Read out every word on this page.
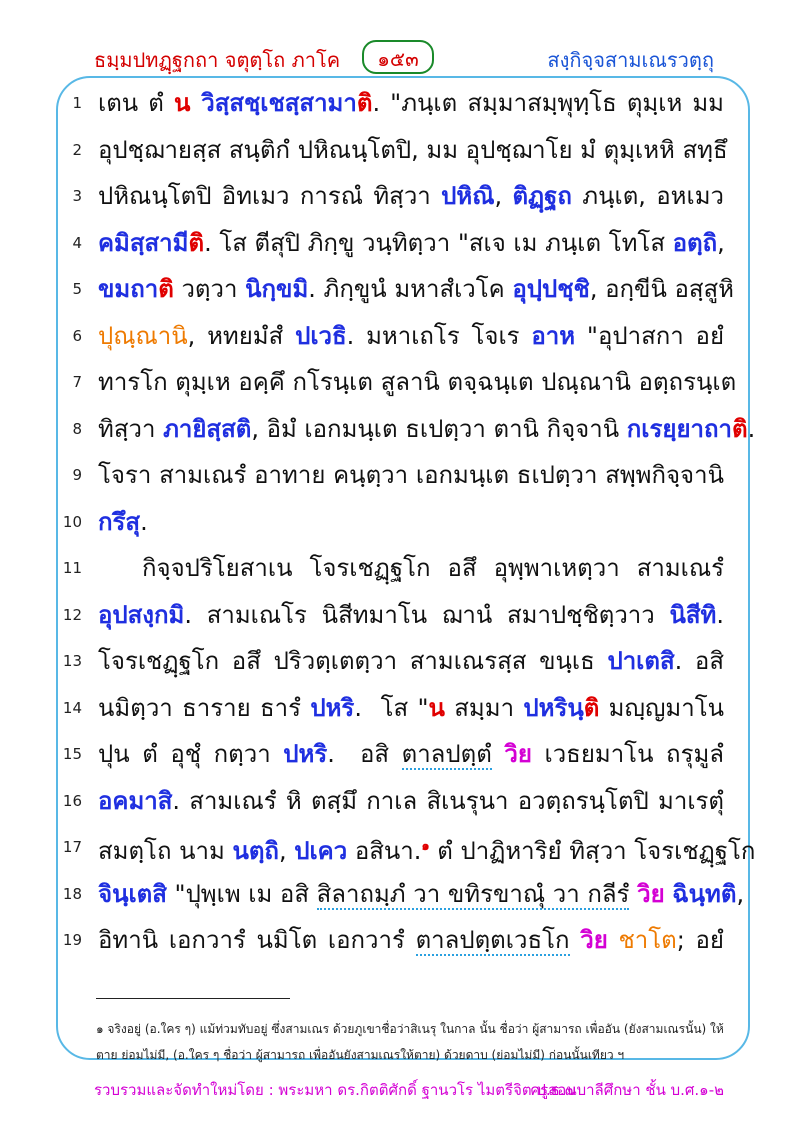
ธมฺมปทฏฺฐกถา จตุตฺโถ ภาโค	๑๕๓	สงฺกิจฺจสามเณรวตฺถุ
1 เตน ตํ น วิสฺสชฺเชสฺสามาติ. "ภนฺเต สมฺมาสมฺพุทฺโธ ตุมฺเห มม
2 อุปชฺฌายสฺส สนฺติกํ ปหิณนฺโตปิ, มม อุปชฺฌาโย มํ ตุมฺเหหิ สทฺธึ
3 ปหิณนฺโตปิ อิทเมว การณํ ทิสฺวา ปหิณิ, ติฏฺฐถ ภนฺเต, อหเมว
4 คมิสฺสามีติ. โส ตีสุปิ ภิกฺขู วนฺทิตฺวา "สเจ เม ภนฺเต โทโส อตฺถิ,
5 ขมถาติ วตฺวา นิกฺขมิ. ภิกฺขูนํ มหาสํเวโค อุปฺปชฺชิ, อกฺขีนิ อสฺสูหิ
6 ปุณฺณานิ, หทยมํสํ ปเวธิ. มหาเถโร โจเร อาห "อุปาสกา อยํ
7 ทารโก ตุมฺเห อคฺคึ กโรนฺเต สูลานิ ตจฺฉนฺเต ปณฺณานิ อตฺถรนฺเต
8 ทิสฺวา ภายิสฺสติ, อิมํ เอกมนฺเต ธเปตฺวา ตานิ กิจฺจานิ กเรยฺยาถาติ.
9 โจรา สามเณรํ อาทาย คนฺตฺวา เอกมนฺเต ธเปตฺวา สพฺพกิจฺจานิ
10 กรึสุ.
11	กิจฺจปริโยสาเน โจรเชฏฺฐโก อสึ อุพฺพาเหตฺวา สามเณรํ
12 อุปสงฺกมิ. สามเณโร นิสีทมาโน ฌานํ สมาปชฺชิตฺวาว นิสีทิ.
13 โจรเชฏฺฐโก อสึ ปริวตฺเตตฺวา สามเณรสฺส ขนฺเธ ปาเตสิ. อสิ
14 นมิตฺวา ธาราย ธารํ ปหริ.  โส "น สมฺมา ปหรินฺติ มญฺญมาโน
15 ปุน ตํ อุชุํ กตฺวา ปหริ.  อสิ ตาลปตฺตํ วิย เวธยมาโน ถรุมูลํ
16 อคมาสิ. สามเณรํ หิ ตสฺมึ กาเล สิเนรุนา อวตฺถรนฺโตปิ มาเรตุํ
17 สมตฺโถ นาม นตฺถิ, ปเคว อสินา.$^๑$ ตํ ปาฏิหาริยํ ทิสฺวา โจรเชฏฺฐโก
18 จินฺเตสิ "ปุพฺเพ เม อสิ สิลาถมฺภํ วา ขทิรขาณุํ วา กลีรํ วิย ฉินฺทติ,
19 อิทานิ เอกวารํ นมิโต เอกวารํ ตาลปตฺตเวธโก วิย ชาโต; อยํ
๑ จริงอยู่ (อ.ใคร ๆ) แม้ท่วมทับอยู่ ซึ่งสามเณร ด้วยภูเขาชื่อว่าสิเนรุ ในกาล นั้น ชื่อว่า ผู้สามารถ เพื่ออัน (ยังสามเณรนั้น) ให้ตาย ย่อมไม่มี, (อ.ใคร ๆ ชื่อว่า ผู้สามารถ เพื่ออันยังสามเณรให้ตาย) ด้วยดาบ (ย่อมไม่มี) ก่อนนั้นเทียว ฯ
รวบรวมและจัดทำใหม่โดย : พระมหา ดร.กิตติศักดิ์ ฐานวโร ไมตรีจิต ป.ธ.๗
ครูสอนบาลีศึกษา ชั้น บ.ศ.๑-๒
